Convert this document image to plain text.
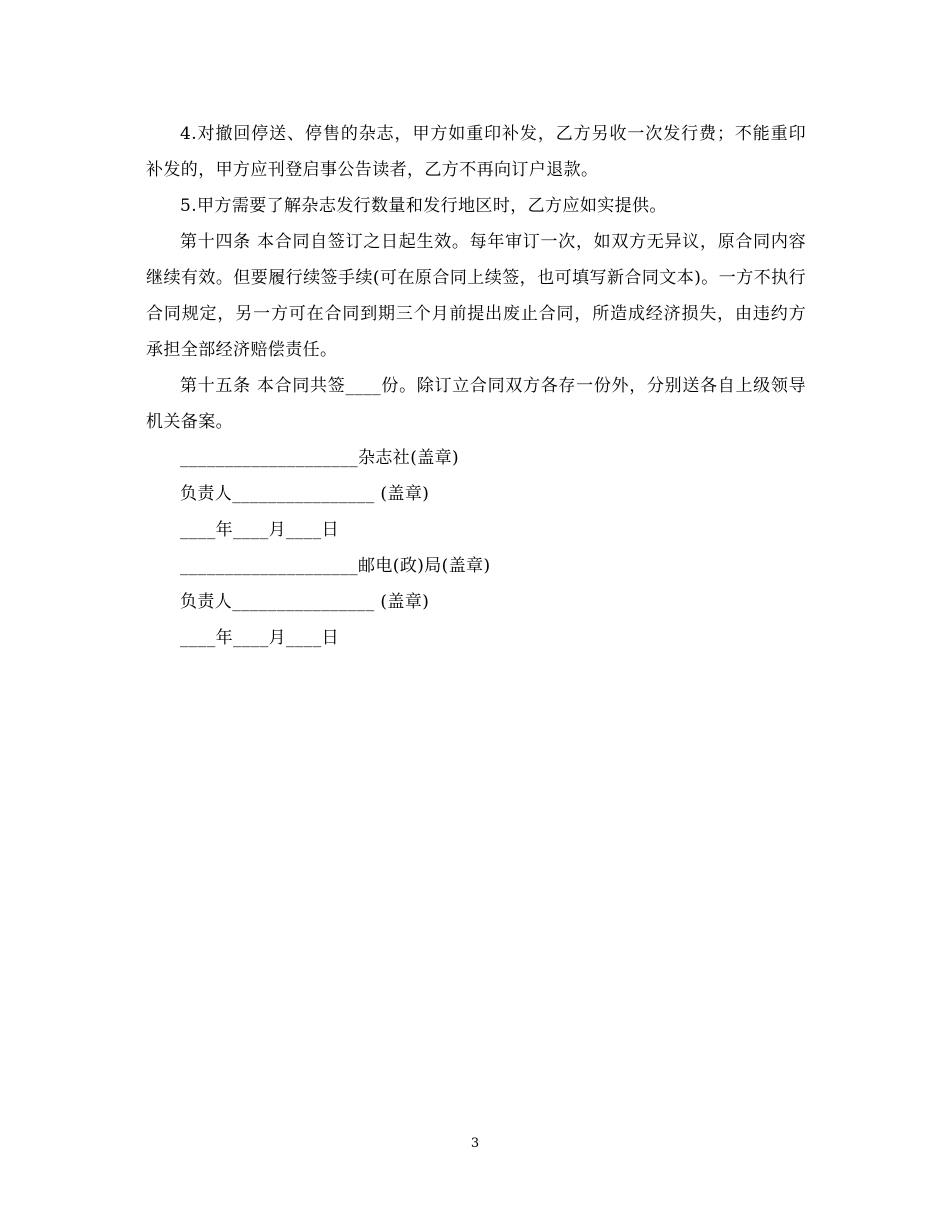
4.对撤回停送、停售的杂志，甲方如重印补发，乙方另收一次发行费；不能重印补发的，甲方应刊登启事公告读者，乙方不再向订户退款。

5.甲方需要了解杂志发行数量和发行地区时，乙方应如实提供。

第十四条 本合同自签订之日起生效。每年审订一次，如双方无异议，原合同内容继续有效。但要履行续签手续(可在原合同上续签，也可填写新合同文本)。一方不执行合同规定，另一方可在合同到期三个月前提出废止合同，所造成经济损失，由违约方承担全部经济赔偿责任。

第十五条 本合同共签____份。除订立合同双方各存一份外，分别送各自上级领导机关备案。

____________________杂志社(盖章)

负责人________________ (盖章)

____年____月____日

____________________邮电(政)局(盖章)

负责人________________ (盖章)

____年____月____日

3
